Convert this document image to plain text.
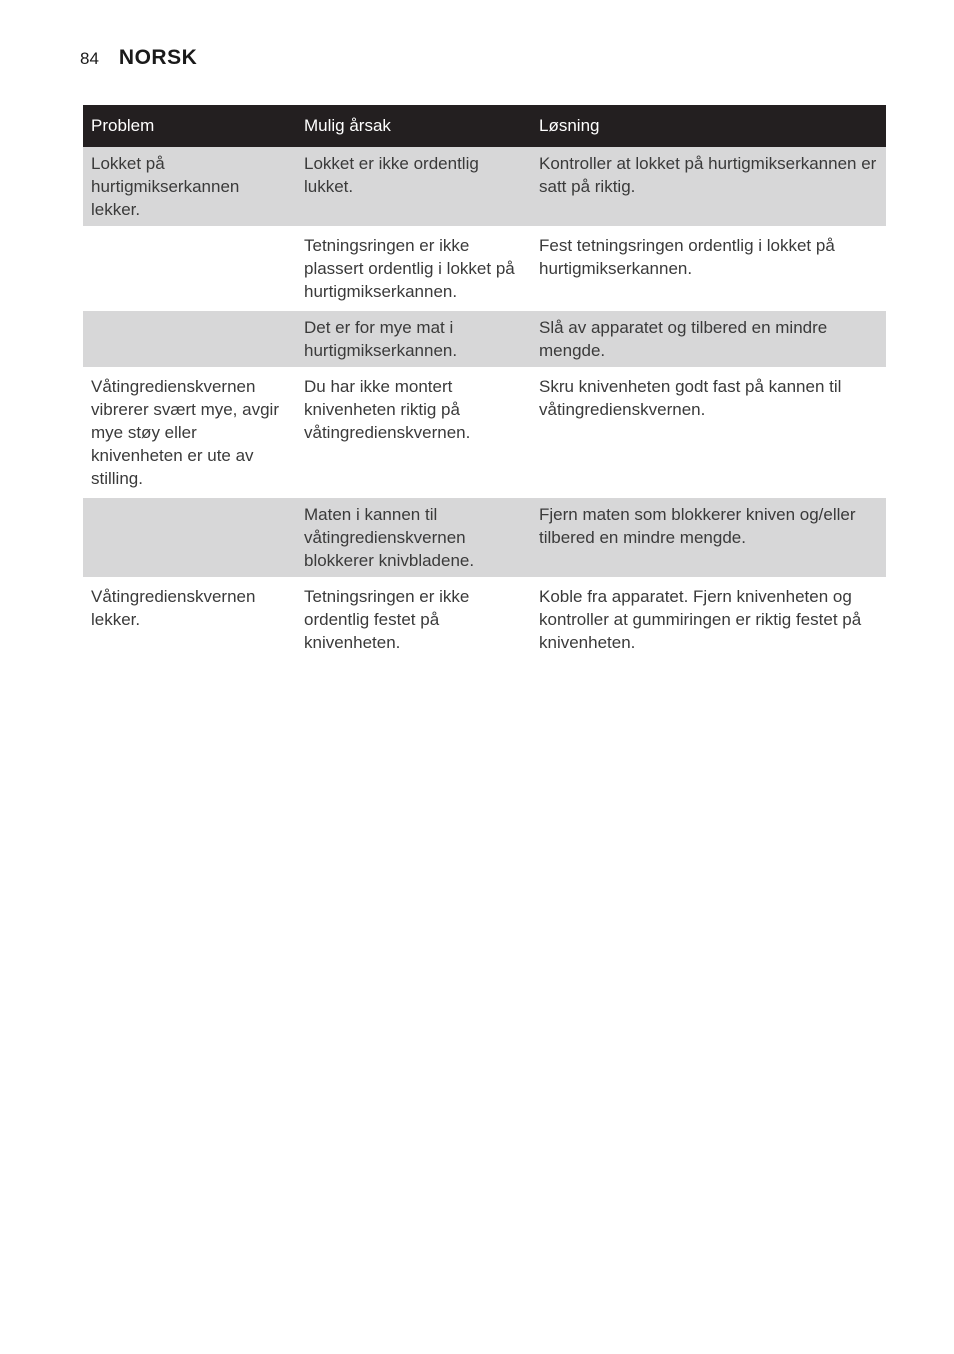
84 NORSK
Problem	Mulig årsak	Løsning
Lokket på hurtigmikserkannen lekker.	Lokket er ikke ordentlig lukket.	Kontroller at lokket på hurtigmikserkannen er satt på riktig.
	Tetningsringen er ikke plassert ordentlig i lokket på hurtigmikserkannen.	Fest tetningsringen ordentlig i lokket på hurtigmikserkannen.
	Det er for mye mat i hurtigmikserkannen.	Slå av apparatet og tilbered en mindre mengde.
Våtingredienskvernen vibrerer svært mye, avgir mye støy eller knivenheten er ute av stilling.	Du har ikke montert knivenheten riktig på våtingredienskvernen.	Skru knivenheten godt fast på kannen til våtingredienskvernen.
	Maten i kannen til våtingredienskvernen blokkerer knivbladene.	Fjern maten som blokkerer kniven og/eller tilbered en mindre mengde.
Våtingredienskvernen lekker.	Tetningsringen er ikke ordentlig festet på knivenheten.	Koble fra apparatet. Fjern knivenheten og kontroller at gummiringen er riktig festet på knivenheten.
